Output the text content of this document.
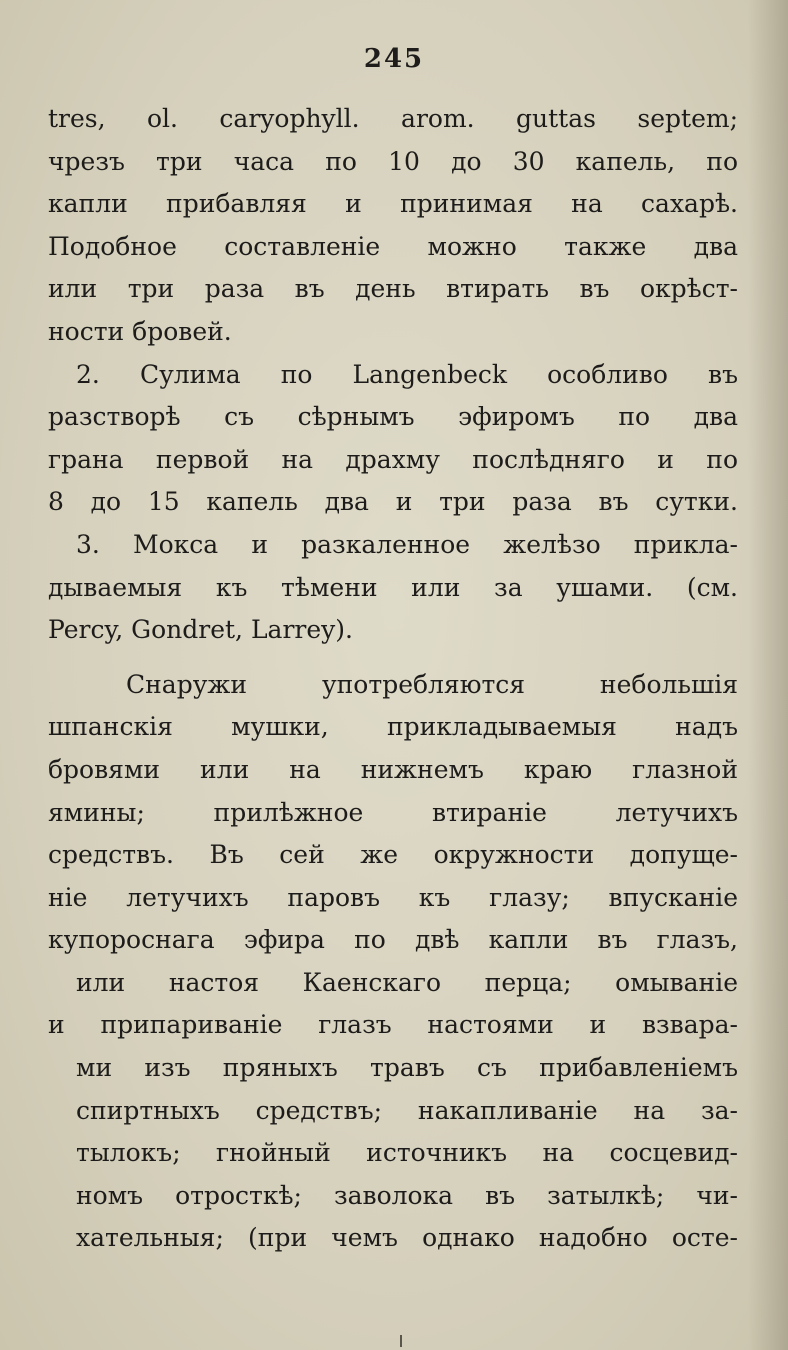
245
tres, ol. caryophyll. arom. guttas septem;
чрезъ три часа по 10 до 30 капель, по
капли прибавляя и принимая на сахарѣ.
Подобное составленіе можно также два
или три раза въ день втирать въ окрѣст-
ности бровей.
2. Сулима по Langenbeck особливо въ
разстворѣ съ сѣрнымъ эфиромъ по два
грана первой на драхму послѣдняго и по
8 до 15 капель два и три раза въ сутки.
3. Мокса и разкаленное желѣзо прикла-
дываемыя къ тѣмени или за ушами. (см.
Percy, Gondret, Larrey).
Снаружи употребляются небольшія
шпанскія мушки, прикладываемыя надъ
бровями или на нижнемъ краю глазной
ямины; прилѣжное втираніе летучихъ
средствъ. Въ сей же окружности допуще-
ніе летучихъ паровъ къ глазу; впусканіе
купороснага эфира по двѣ капли въ глазъ,
или настоя Каенскаго перца; омываніе
и припариваніе глазъ настоями и взвара-
ми изъ пряныхъ травъ съ прибавленіемъ
спиртныхъ средствъ; накапливаніе на за-
тылокъ; гнойный источникъ на сосцевид-
номъ отросткѣ; заволока въ затылкѣ; чи-
хательныя; (при чемъ однако надобно осте-
